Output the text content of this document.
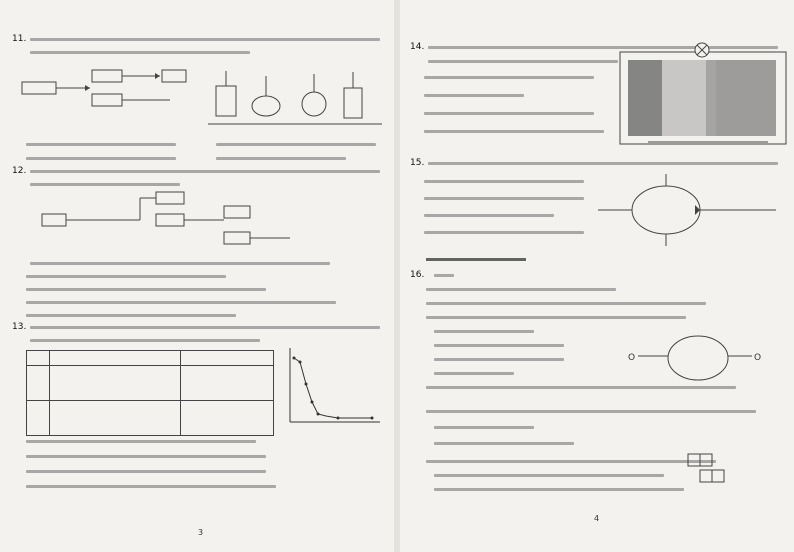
11.
12.
13.

3
14.
15.
16.
O	O
4
